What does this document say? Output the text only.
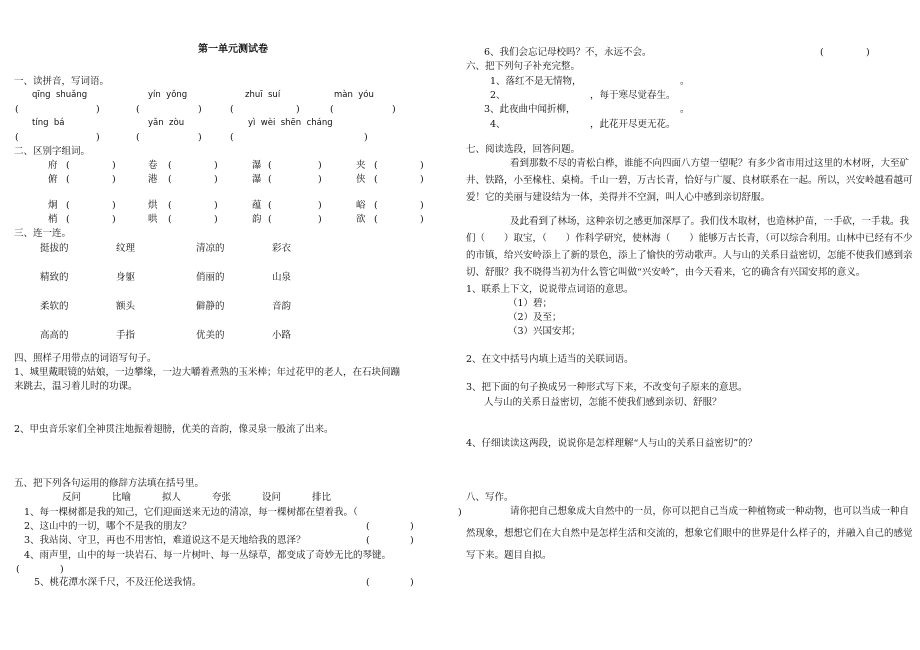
第一单元测试卷
一、读拼音，写词语。
qīng  shuǎng	yín  yǒng	zhuī  suí	màn  yóu
(	)	(	)	(	)	(	)
tíng  bá	yǎn  zòu	yì  wèi  shēn  cháng
(	)	(	)	(	)
二、区别字组词。
府 (	)	卷 (	)	瀑 (	)	夹 (	)
俯 (	)	港 (	)	瀑 (	)	侠 (	)
炯 (	)	烘 (	)	蕴 (	)	峪 (	)
梢 (	)	哄 (	)	韵 (	)	欲 (	)
三、连一连。
挺拔的	纹理	清凉的	彩衣
精致的	身躯	俏丽的	山泉
柔软的	额头	僻静的	音韵
高高的	手指	优美的	小路
四、照样子用带点的词语写句子。
1、城里戴眼镜的姑娘，一边攀缘，一边大嚼着煮熟的玉米棒；年过花甲的老人，在石块间蹦
来跳去，温习着儿时的功课。
2、甲虫音乐家们全神贯注地振着翅膀，优美的音韵，像灵泉一般流了出来。
五、把下列各句运用的修辞方法填在括号里。
反问	比喻	拟人	夸张	设问	排比
1、每一棵树都是我的知己，它们迎面送来无边的清凉，每一棵树都在望着我。（	)
2、这山中的一切，哪个不是我的朋友？	(	)
3、我站岗、守卫，再也不用害怕，难道说这不是天地给我的恩泽？	(	)
4、雨声里，山中的每一块岩石、每一片树叶、每一丛绿草，都变成了奇妙无比的琴键。
(	)
5、桃花潭水深千尺，不及汪伦送我情。	(	)
6、我们会忘记母校吗？不，永远不会。	(	)
六、把下列句子补充完整。
1、落红不是无情物，	。
2、	，每于寒尽觉春生。
3、此夜曲中闻折柳，	。
4、	，此花开尽更无花。
七、阅读选段，回答问题。
看到那数不尽的青松白桦，谁能不向四面八方望一望呢？有多少省市用过这里的木材呀，大至矿井、铁路，小至椽柱、桌椅。千山一碧，万古长青，恰好与广厦、良材联系在一起。所以，兴安岭越看越可爱！它的美丽与建设结为一体，美得并不空洞，叫人心中感到亲切舒服。
及此看到了林场，这种亲切之感更加深厚了。我们伐木取材，也造林护苗，一手砍，一手栽。我们（　　）取宝，（　　）作科学研究，使林海（　　）能够万古长青，（可以综合利用。山林中已经有不少的市镇，给兴安岭添上了新的景色，添上了愉快的劳动歌声。人与山的关系日益密切，怎能不使我们感到亲切、舒服？我不晓得当初为什么管它叫做“兴安岭”，由今天看来，它的确含有兴国安邦的意义。
1、联系上下文，说说带点词语的意思。
（1）碧；
（2）及至；
（3）兴国安邦；
2、在文中括号内填上适当的关联词语。
3、把下面的句子换成另一种形式写下来，不改变句子原来的意思。
人与山的关系日益密切，怎能不使我们感到亲切、舒服？
4、仔细读读这两段，说说你是怎样理解“人与山的关系日益密切”的？
八、写作。
请你把自己想象成大自然中的一员，你可以把自己当成一种植物或一种动物，也可以当成一种自然现象，想想它们在大自然中是怎样生活和交流的，想象它们眼中的世界是什么样子的，并融入自己的感觉写下来。题目自拟。
